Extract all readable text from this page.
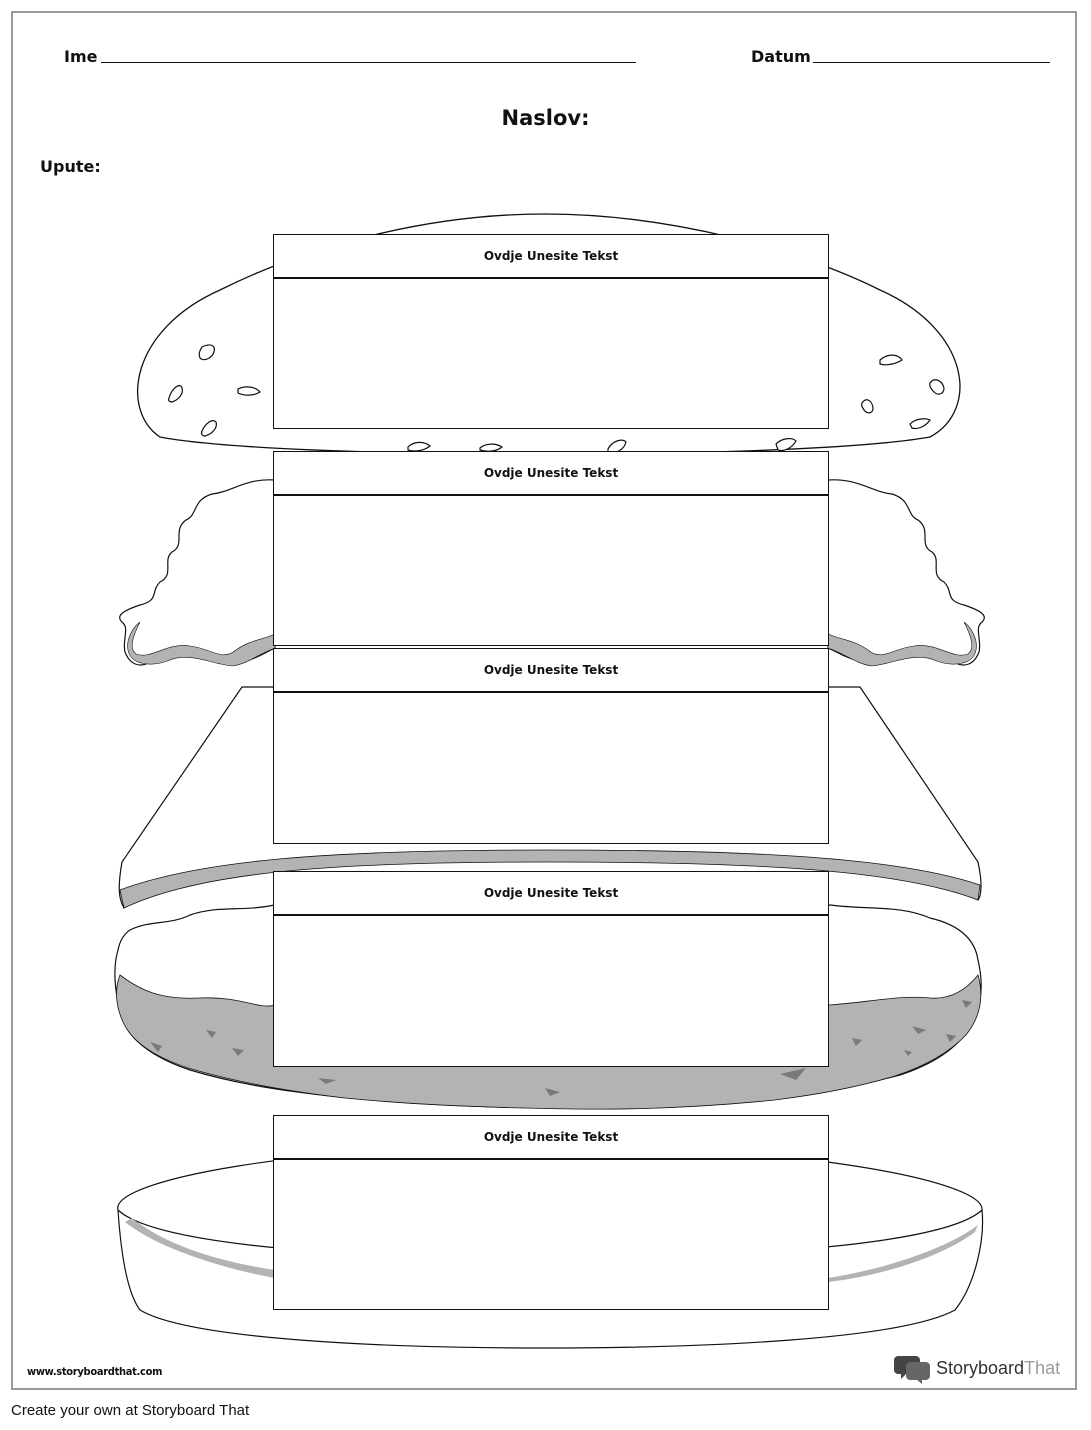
Ime	Datum
Naslov:
Upute:
Ovdje Unesite Tekst
Ovdje Unesite Tekst
Ovdje Unesite Tekst
Ovdje Unesite Tekst
Ovdje Unesite Tekst
www.storyboardthat.com	StoryboardThat
Create your own at Storyboard That
